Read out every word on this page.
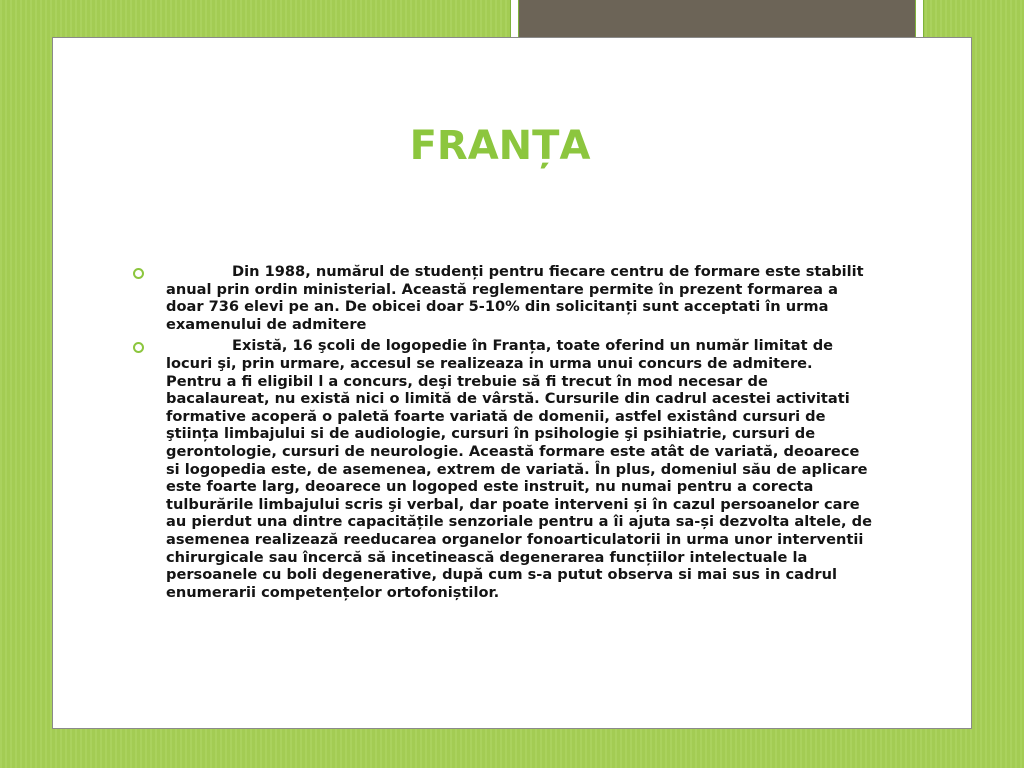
FRANȚA
Din 1988, numărul de studenți pentru fiecare centru de formare este stabilit anual prin ordin ministerial. Această reglementare permite în prezent formarea a doar 736 elevi pe an. De obicei doar 5-10% din solicitanți sunt acceptati în urma examenului de admitere
Există, 16 şcoli de logopedie în Franța, toate oferind un număr limitat de locuri şi, prin urmare, accesul se realizeaza in urma unui concurs de admitere. Pentru a fi eligibil l a concurs, deşi trebuie să fi trecut în mod necesar de bacalaureat, nu există nici o limită de vârstă. Cursurile din cadrul acestei activitati formative acoperă o paletă foarte variată de domenii, astfel existând cursuri de ştiința limbajului si de audiologie, cursuri în psihologie şi psihiatrie, cursuri de gerontologie, cursuri de neurologie. Această formare este atât de variată, deoarece si logopedia este, de asemenea, extrem de variată. În plus, domeniul său de aplicare este foarte larg, deoarece un logoped este instruit, nu numai pentru a corecta tulburările limbajului scris şi verbal, dar poate interveni și în cazul persoanelor care au pierdut una dintre capacitățile senzoriale pentru a îi ajuta sa-și dezvolta altele, de asemenea realizează reeducarea organelor fonoarticulatorii in urma unor interventii chirurgicale sau încercă să incetinească degenerarea funcțiilor intelectuale la persoanele cu boli degenerative, după cum s-a putut observa si mai sus in cadrul enumerarii competențelor ortofoniștilor.
